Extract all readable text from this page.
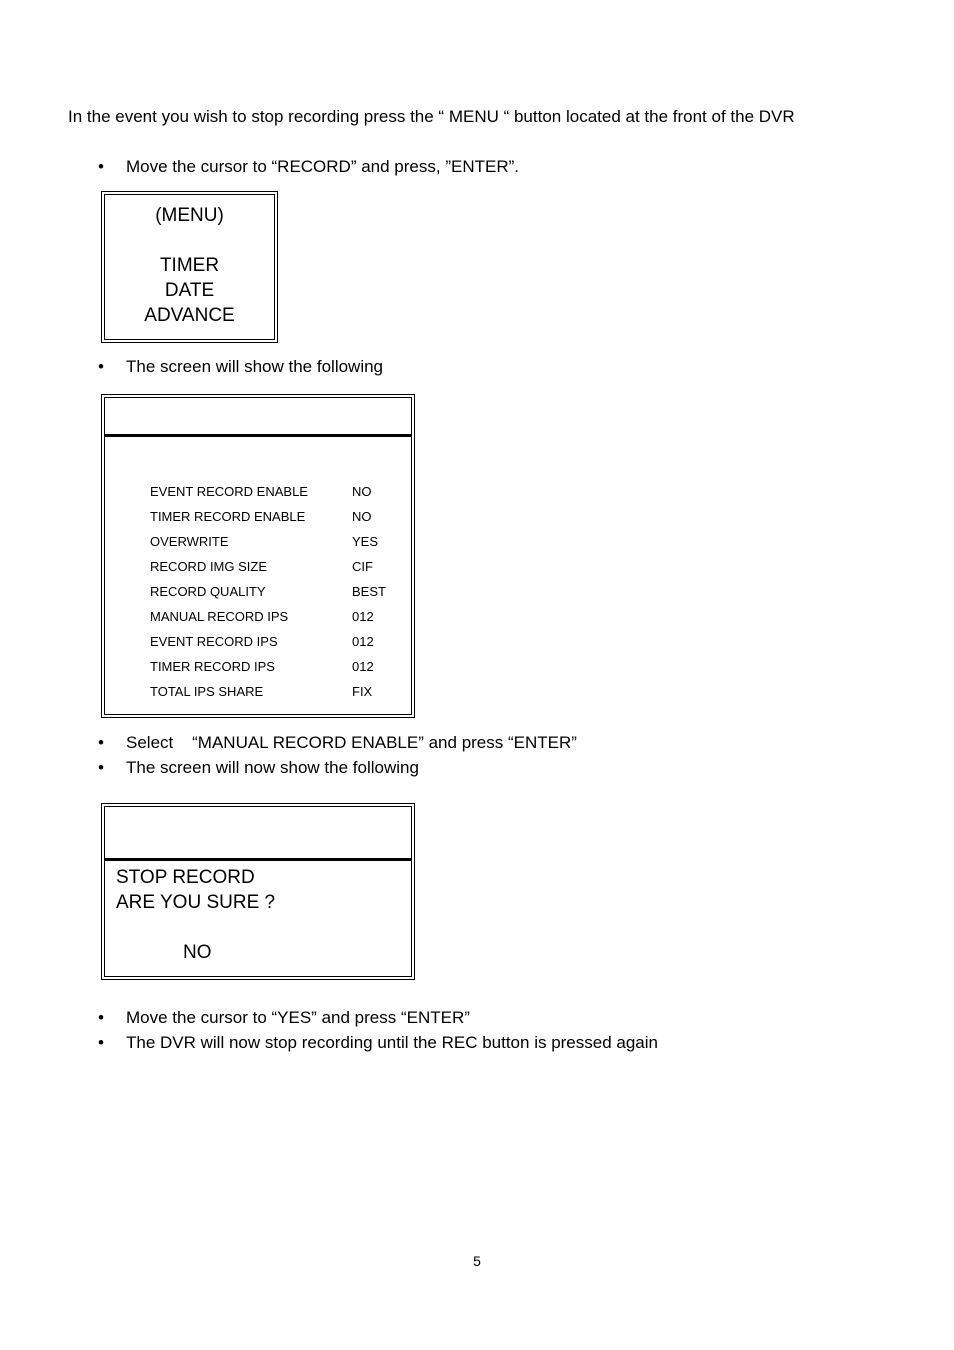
In the event you wish to stop recording press the “ MENU “ button located at the front of the DVR
•	Move the cursor to “RECORD” and press, ”ENTER”.
(MENU)
TIMER
DATE
ADVANCE
•	The screen will show the following
EVENT RECORD ENABLE	NO
TIMER RECORD ENABLE	NO
OVERWRITE	YES
RECORD IMG SIZE	CIF
RECORD QUALITY	BEST
MANUAL RECORD IPS	012
EVENT RECORD IPS	012
TIMER RECORD IPS	012
TOTAL IPS SHARE	FIX
•	Select    “MANUAL RECORD ENABLE” and press “ENTER”
•	The screen will now show the following
STOP RECORD
ARE YOU SURE ?
NO
•	Move the cursor to “YES” and press “ENTER”
•	The DVR will now stop recording until the REC button is pressed again
5
